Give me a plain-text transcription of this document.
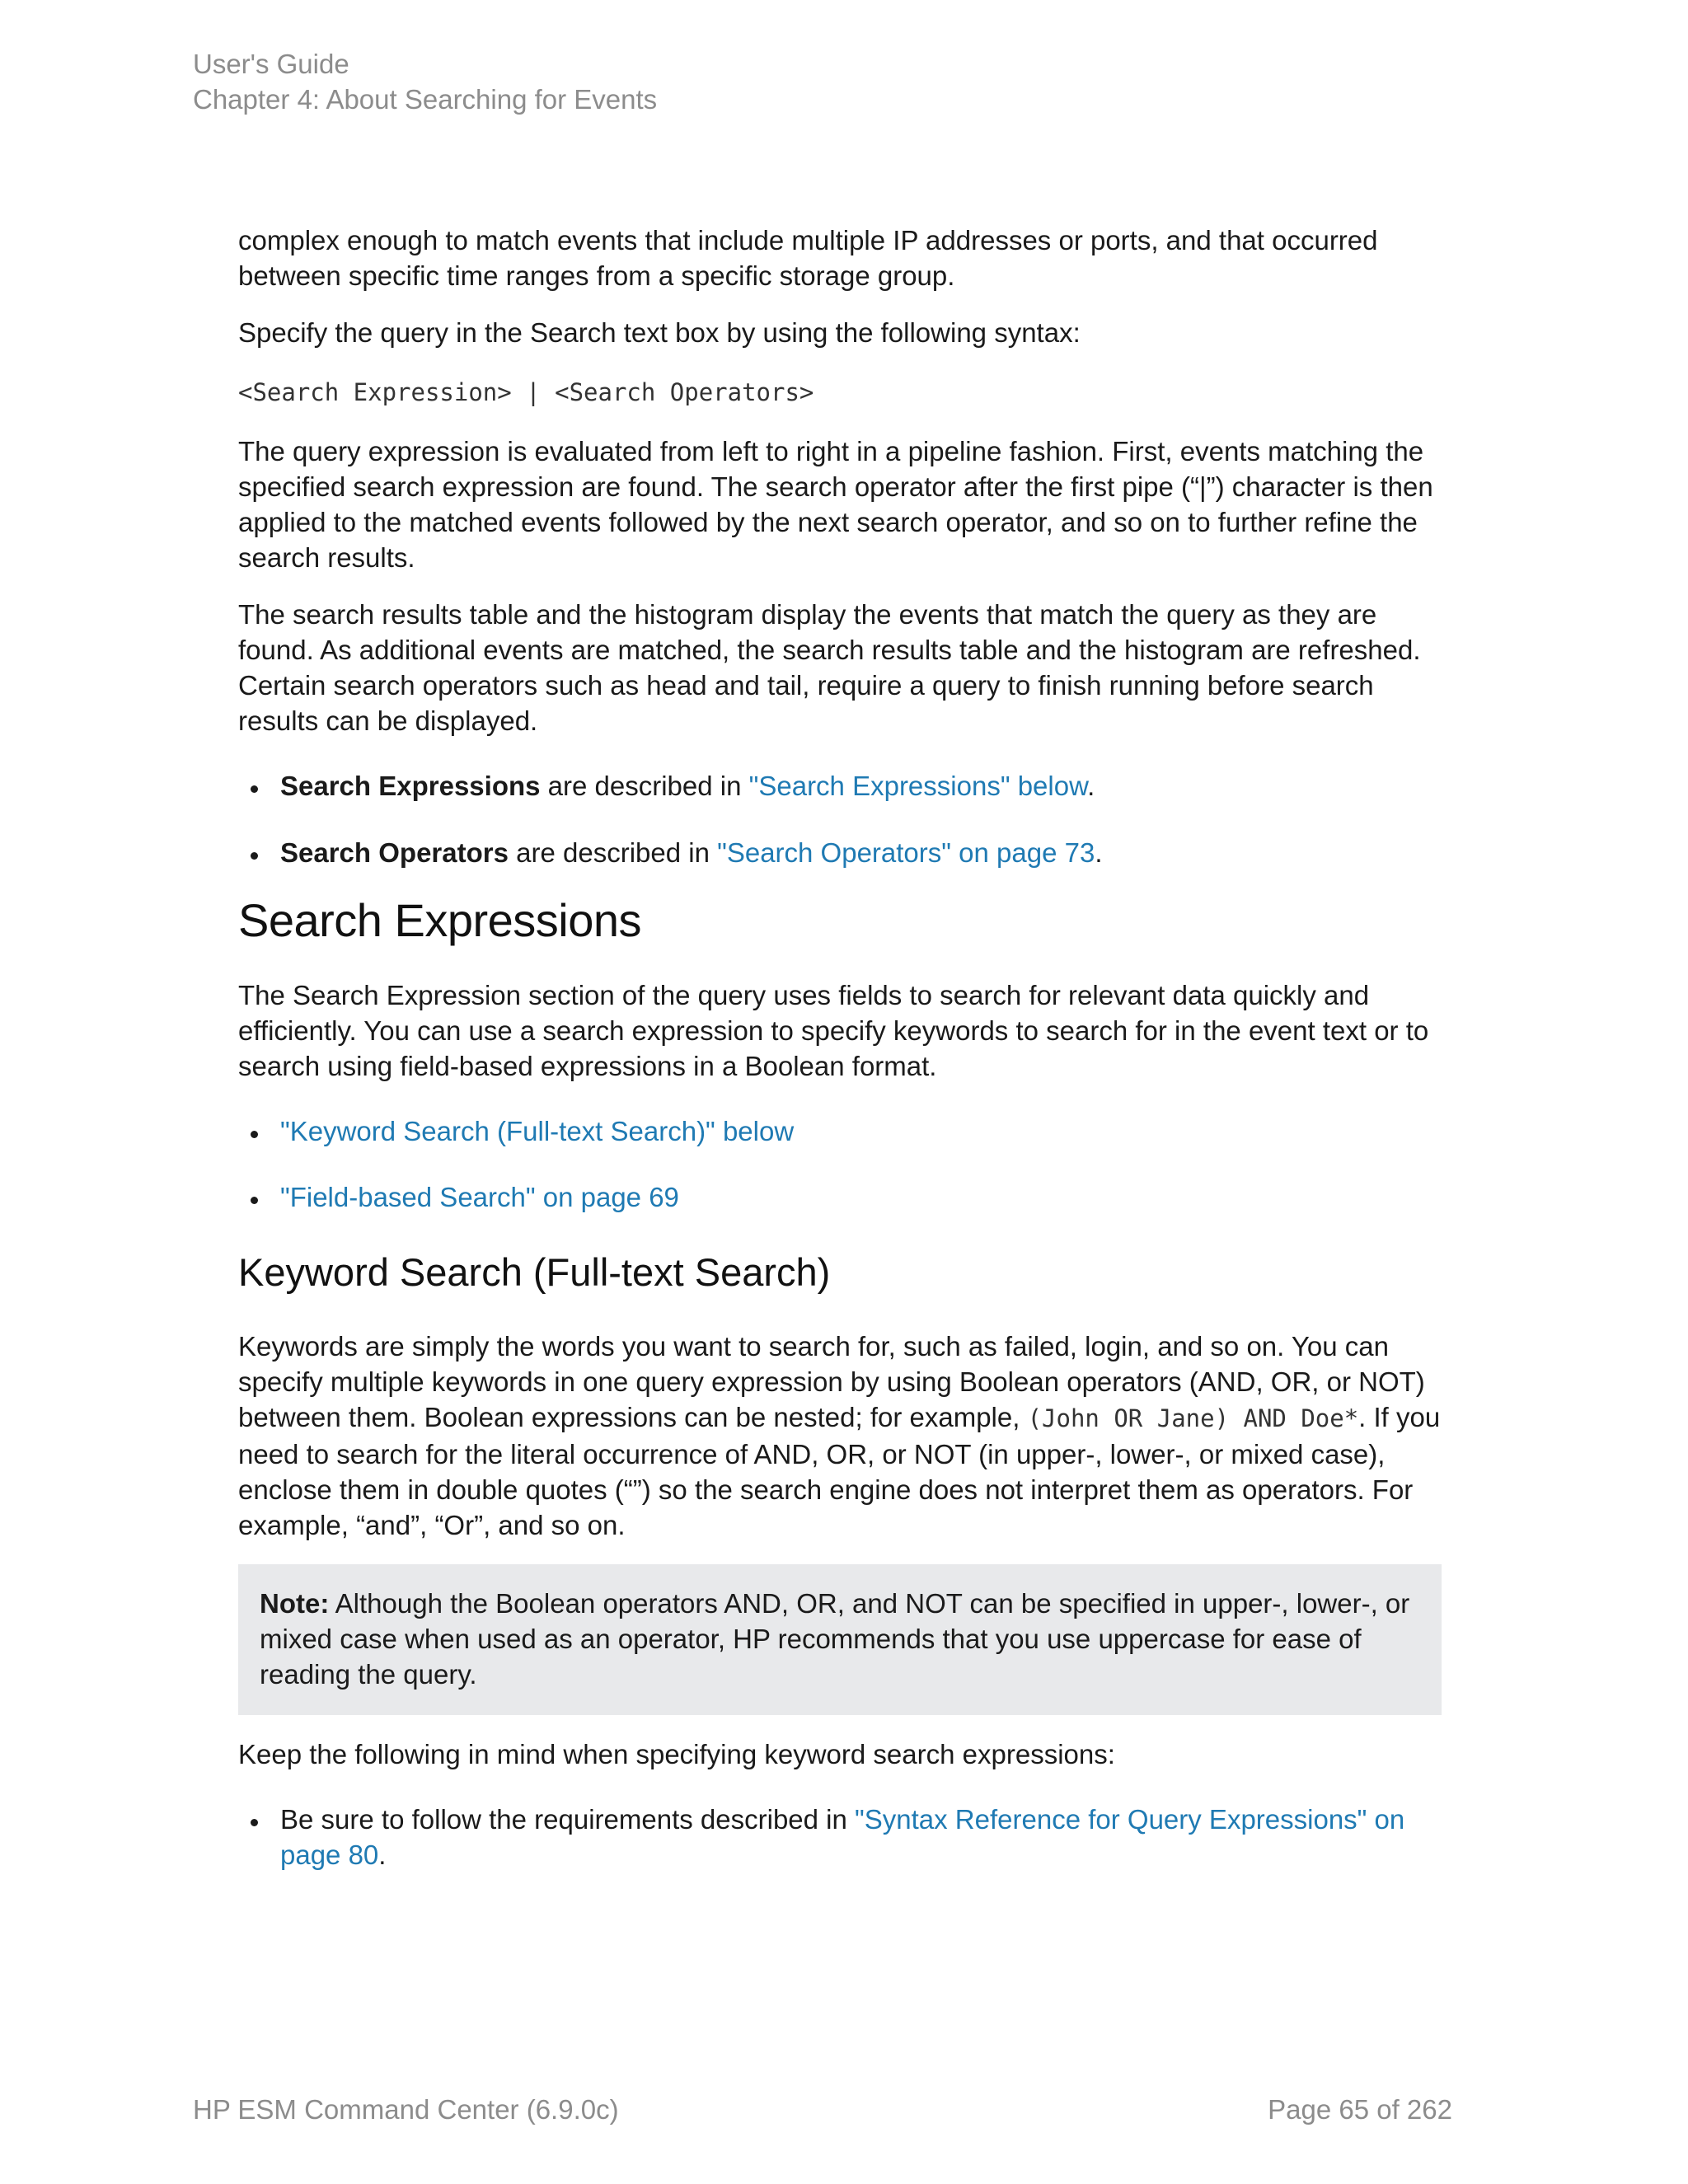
User's Guide
Chapter 4: About Searching for Events

complex enough to match events that include multiple IP addresses or ports, and that occurred between specific time ranges from a specific storage group.

Specify the query in the Search text box by using the following syntax:

<Search Expression> | <Search Operators>

The query expression is evaluated from left to right in a pipeline fashion. First, events matching the specified search expression are found. The search operator after the first pipe (“|”) character is then applied to the matched events followed by the next search operator, and so on to further refine the search results.

The search results table and the histogram display the events that match the query as they are found. As additional events are matched, the search results table and the histogram are refreshed. Certain search operators such as head and tail, require a query to finish running before search results can be displayed.

Search Expressions are described in "Search Expressions" below.
Search Operators are described in "Search Operators" on page 73.
Search Expressions

The Search Expression section of the query uses fields to search for relevant data quickly and efficiently. You can use a search expression to specify keywords to search for in the event text or to search using field-based expressions in a Boolean format.

"Keyword Search (Full-text Search)" below
"Field-based Search" on page 69
Keyword Search (Full-text Search)

Keywords are simply the words you want to search for, such as failed, login, and so on. You can specify multiple keywords in one query expression by using Boolean operators (AND, OR, or NOT) between them. Boolean expressions can be nested; for example, (John OR Jane) AND Doe*. If you need to search for the literal occurrence of AND, OR, or NOT (in upper-, lower-, or mixed case), enclose them in double quotes (“”) so the search engine does not interpret them as operators. For example, “and”, “Or”, and so on.

Note: Although the Boolean operators AND, OR, and NOT can be specified in upper-, lower-, or mixed case when used as an operator, HP recommends that you use uppercase for ease of reading the query.

Keep the following in mind when specifying keyword search expressions:

Be sure to follow the requirements described in "Syntax Reference for Query Expressions" on page 80.
HP ESM Command Center (6.9.0c)	Page 65 of 262
